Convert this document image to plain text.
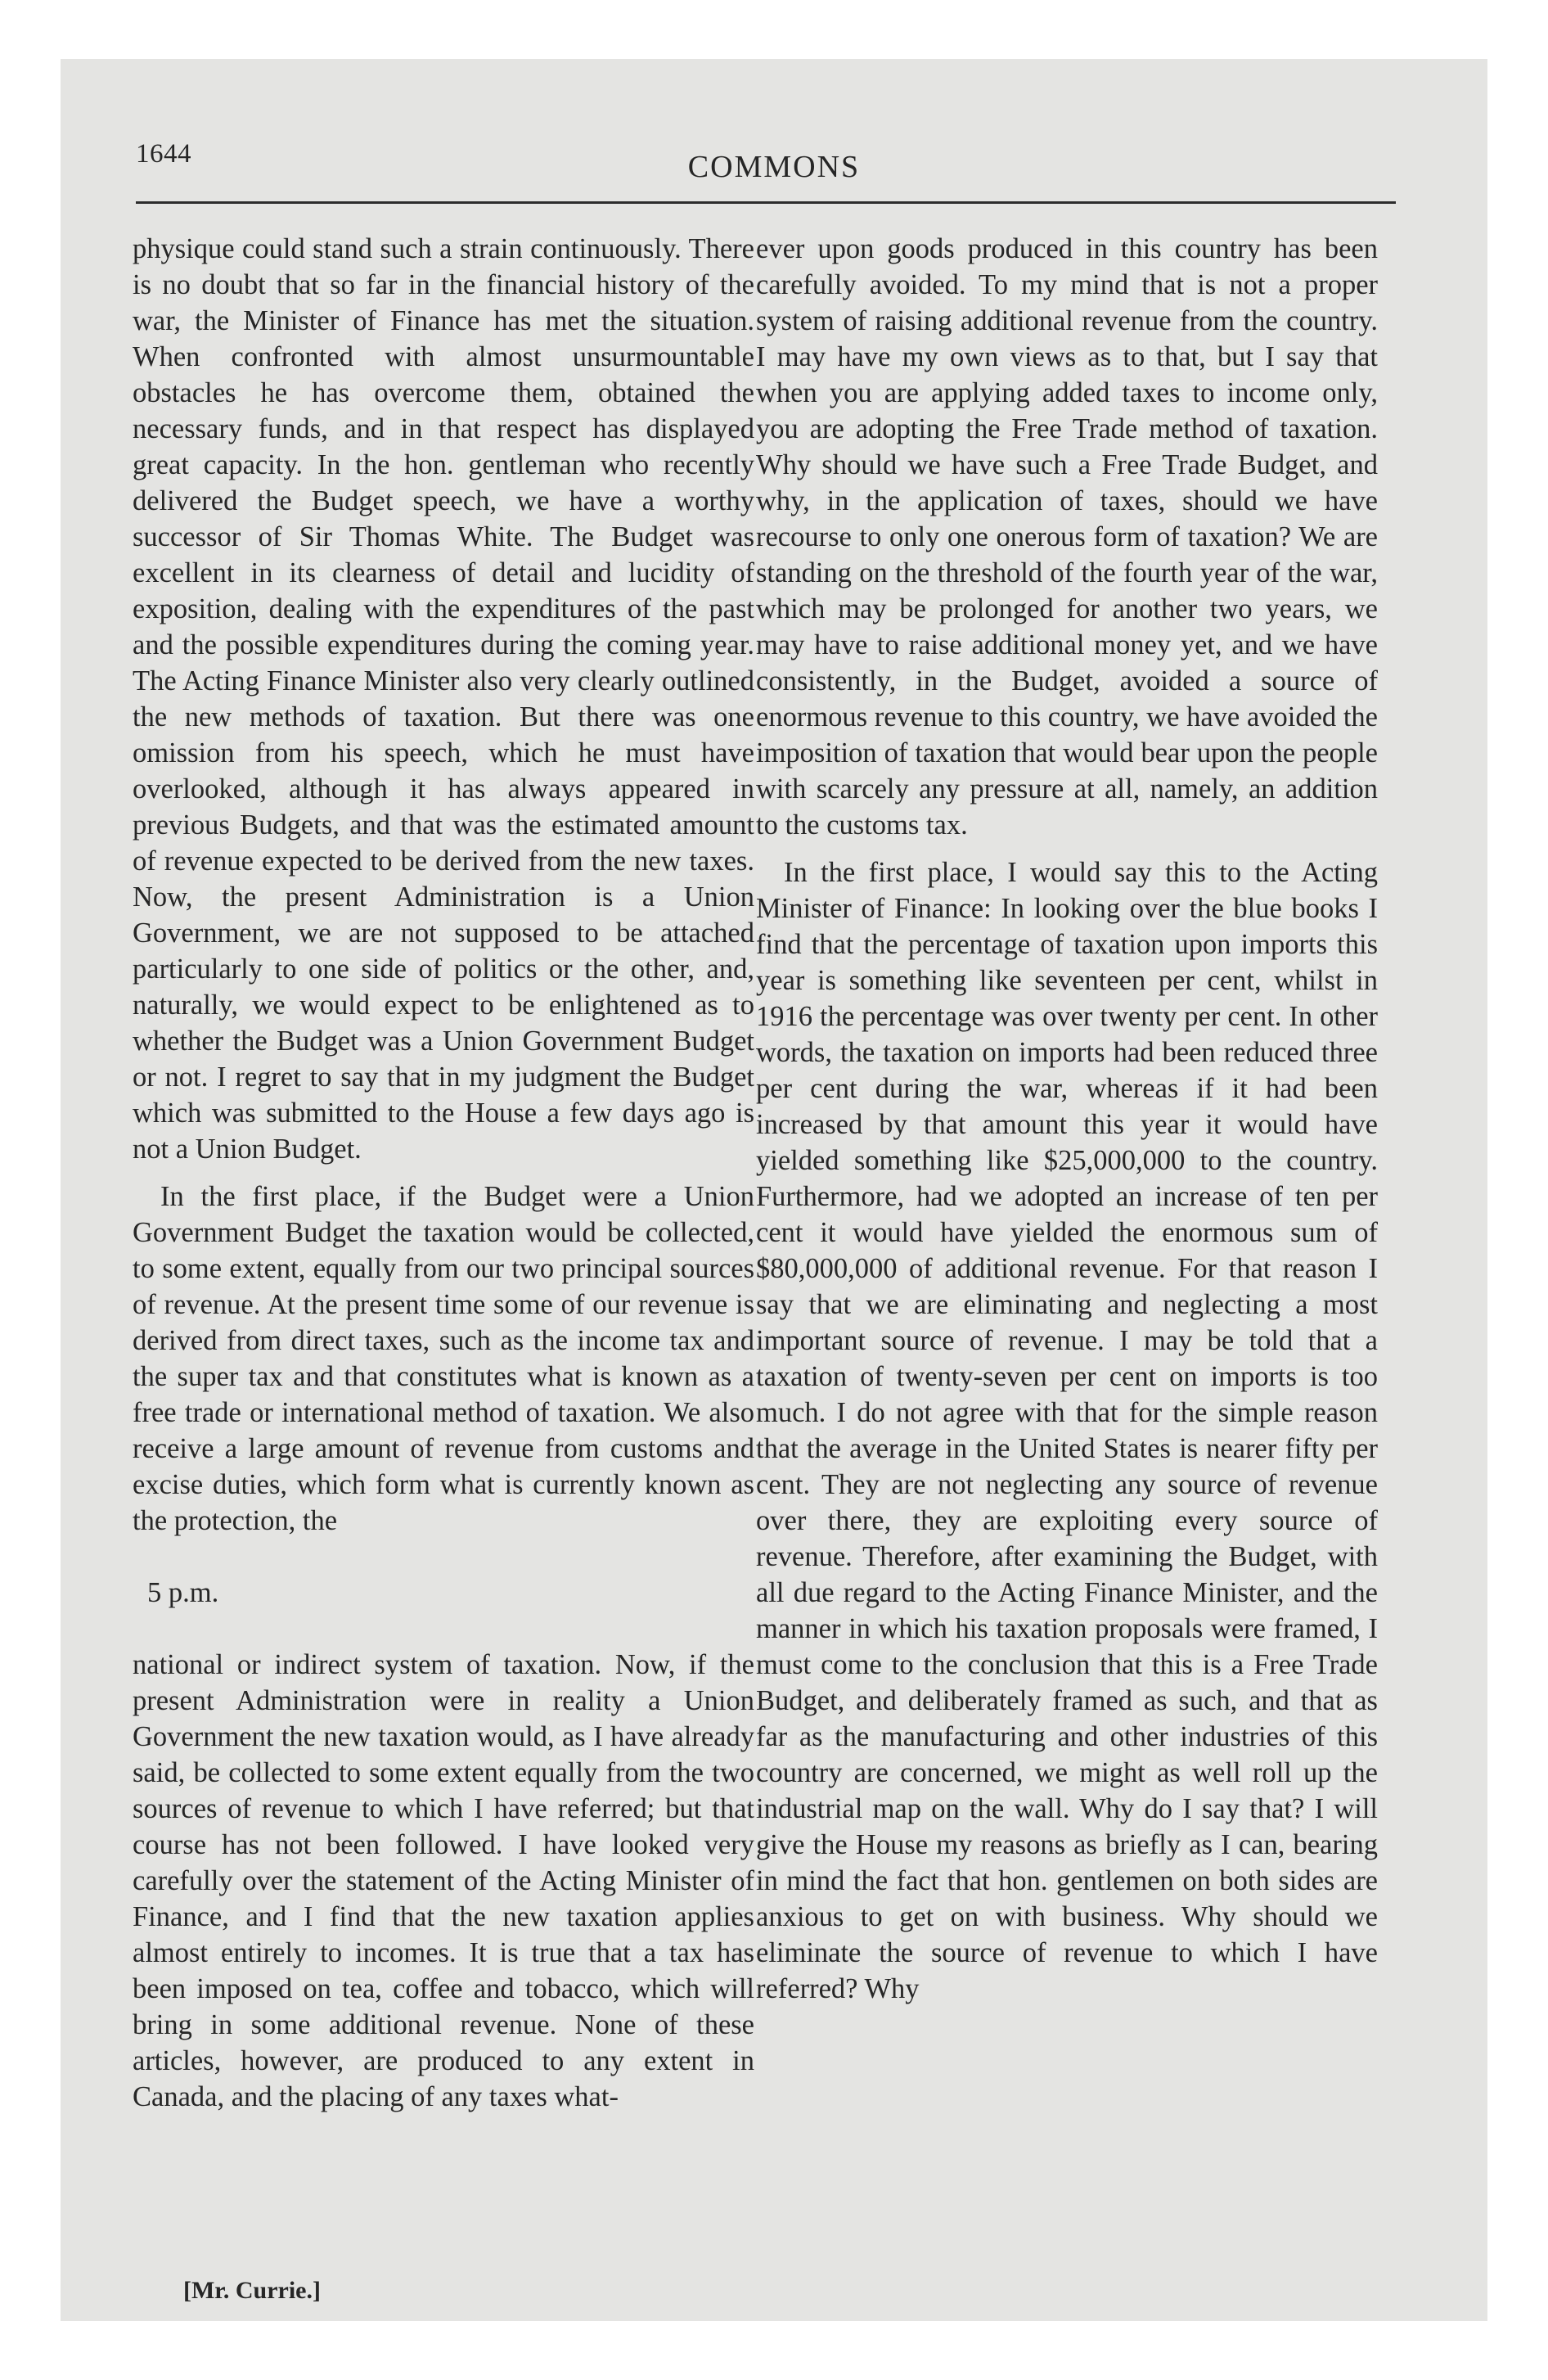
1644	COMMONS

physique could stand such a strain continuously. There is no doubt that so far in the financial history of the war, the Minister of Finance has met the situation. When confronted with almost unsurmountable obstacles he has overcome them, obtained the necessary funds, and in that respect has displayed great capacity. In the hon. gentleman who recently delivered the Budget speech, we have a worthy successor of Sir Thomas White. The Budget was excellent in its clearness of detail and lucidity of exposition, dealing with the expenditures of the past and the possible expenditures during the coming year. The Acting Finance Minister also very clearly outlined the new methods of taxation. But there was one omission from his speech, which he must have overlooked, although it has always appeared in previous Budgets, and that was the estimated amount of revenue expected to be derived from the new taxes. Now, the present Administration is a Union Government, we are not supposed to be attached particularly to one side of politics or the other, and, naturally, we would expect to be enlightened as to whether the Budget was a Union Government Budget or not. I regret to say that in my judgment the Budget which was submitted to the House a few days ago is not a Union Budget.

In the first place, if the Budget were a Union Government Budget the taxation would be collected, to some extent, equally from our two principal sources of revenue. At the present time some of our revenue is derived from direct taxes, such as the income tax and the super tax and that constitutes what is known as a free trade or international method of taxation. We also receive a large amount of revenue from customs and excise duties, which form what is currently known as the protection, the

5 p.m.

national or indirect system of taxation. Now, if the present Administration were in reality a Union Government the new taxation would, as I have already said, be collected to some extent equally from the two sources of revenue to which I have referred; but that course has not been followed. I have looked very carefully over the statement of the Acting Minister of Finance, and I find that the new taxation applies almost entirely to incomes. It is true that a tax has been imposed on tea, coffee and tobacco, which will bring in some additional revenue. None of these articles, however, are produced to any extent in Canada, and the placing of any taxes what-

ever upon goods produced in this country has been carefully avoided. To my mind that is not a proper system of raising additional revenue from the country. I may have my own views as to that, but I say that when you are applying added taxes to income only, you are adopting the Free Trade method of taxation. Why should we have such a Free Trade Budget, and why, in the application of taxes, should we have recourse to only one onerous form of taxation? We are standing on the threshold of the fourth year of the war, which may be prolonged for another two years, we may have to raise additional money yet, and we have consistently, in the Budget, avoided a source of enormous revenue to this country, we have avoided the imposition of taxation that would bear upon the people with scarcely any pressure at all, namely, an addition to the customs tax.

In the first place, I would say this to the Acting Minister of Finance: In looking over the blue books I find that the percentage of taxation upon imports this year is something like seventeen per cent, whilst in 1916 the percentage was over twenty per cent. In other words, the taxation on imports had been reduced three per cent during the war, whereas if it had been increased by that amount this year it would have yielded something like $25,000,000 to the country. Furthermore, had we adopted an increase of ten per cent it would have yielded the enormous sum of $80,000,000 of additional revenue. For that reason I say that we are eliminating and neglecting a most important source of revenue. I may be told that a taxation of twenty-seven per cent on imports is too much. I do not agree with that for the simple reason that the average in the United States is nearer fifty per cent. They are not neglecting any source of revenue over there, they are exploiting every source of revenue. Therefore, after examining the Budget, with all due regard to the Acting Finance Minister, and the manner in which his taxation proposals were framed, I must come to the conclusion that this is a Free Trade Budget, and deliberately framed as such, and that as far as the manufacturing and other industries of this country are concerned, we might as well roll up the industrial map on the wall. Why do I say that? I will give the House my reasons as briefly as I can, bearing in mind the fact that hon. gentlemen on both sides are anxious to get on with business. Why should we eliminate the source of revenue to which I have referred? Why

[Mr. Currie.]
